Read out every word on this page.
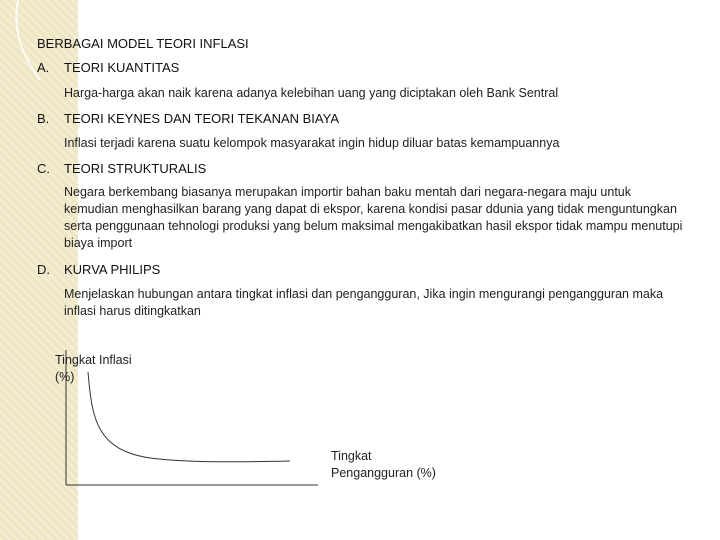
BERBAGAI MODEL TEORI INFLASI
A. TEORI KUANTITAS
Harga-harga akan naik karena adanya kelebihan uang yang diciptakan oleh Bank Sentral
B. TEORI KEYNES DAN TEORI TEKANAN BIAYA
Inflasi terjadi karena suatu kelompok masyarakat ingin hidup diluar batas kemampuannya
C. TEORI STRUKTURALIS
Negara berkembang biasanya merupakan importir bahan baku mentah dari negara-negara maju untuk kemudian menghasilkan barang yang dapat di ekspor, karena kondisi pasar ddunia yang tidak menguntungkan serta penggunaan tehnologi produksi yang belum maksimal mengakibatkan hasil ekspor tidak mampu menutupi biaya import
D. KURVA PHILIPS
Menjelaskan hubungan antara tingkat inflasi dan pengangguran, Jika ingin mengurangi pengangguran maka inflasi harus ditingkatkan
Tingkat Inflasi
(%)
Tingkat
Pengangguran (%)
